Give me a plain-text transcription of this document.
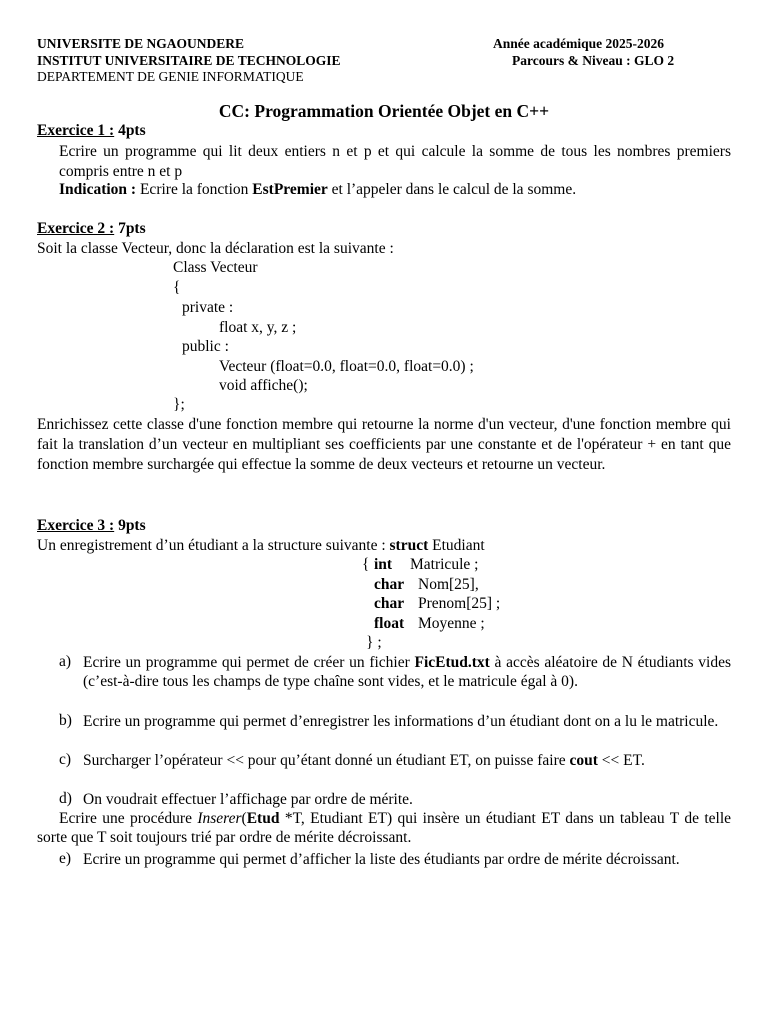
UNIVERSITE DE NGAOUNDERE
INSTITUT UNIVERSITAIRE DE TECHNOLOGIE
DEPARTEMENT DE GENIE INFORMATIQUE
Année académique 2025-2026
Parcours & Niveau : GLO 2
CC: Programmation Orientée Objet en C++
Exercice 1 : 4pts
Ecrire un programme qui lit deux entiers n et p et qui calcule la somme de tous les nombres premiers compris entre n et p
Indication : Ecrire la fonction EstPremier et l’appeler dans le calcul de la somme.
Exercice 2 : 7pts
Soit la classe Vecteur, donc la déclaration est la suivante :
Class Vecteur
{
private :
float x, y, z ;
public :
Vecteur (float=0.0, float=0.0, float=0.0) ;
void affiche();
};
Enrichissez cette classe d'une fonction membre qui retourne la norme d'un vecteur, d'une fonction membre qui fait la translation d’un vecteur en multipliant ses coefficients par une constante et de l'opérateur + en tant que fonction membre surchargée qui effectue la somme de deux vecteurs et retourne un vecteur.
Exercice 3 : 9pts
Un enregistrement d’un étudiant a la structure suivante : struct Etudiant
{ int Matricule ;
char Nom[25],
char Prenom[25] ;
float Moyenne ;
} ;
a) Ecrire un programme qui permet de créer un fichier FicEtud.txt à accès aléatoire de N étudiants vides (c’est-à-dire tous les champs de type chaîne sont vides, et le matricule égal à 0).
b) Ecrire un programme qui permet d’enregistrer les informations d’un étudiant dont on a lu le matricule.
c) Surcharger l’opérateur << pour qu’étant donné un étudiant ET, on puisse faire cout << ET.
d) On voudrait effectuer l’affichage par ordre de mérite.
Ecrire une procédure Inserer(Etud *T, Etudiant ET) qui insère un étudiant ET dans un tableau T de telle sorte que T soit toujours trié par ordre de mérite décroissant.
e) Ecrire un programme qui permet d’afficher la liste des étudiants par ordre de mérite décroissant.
